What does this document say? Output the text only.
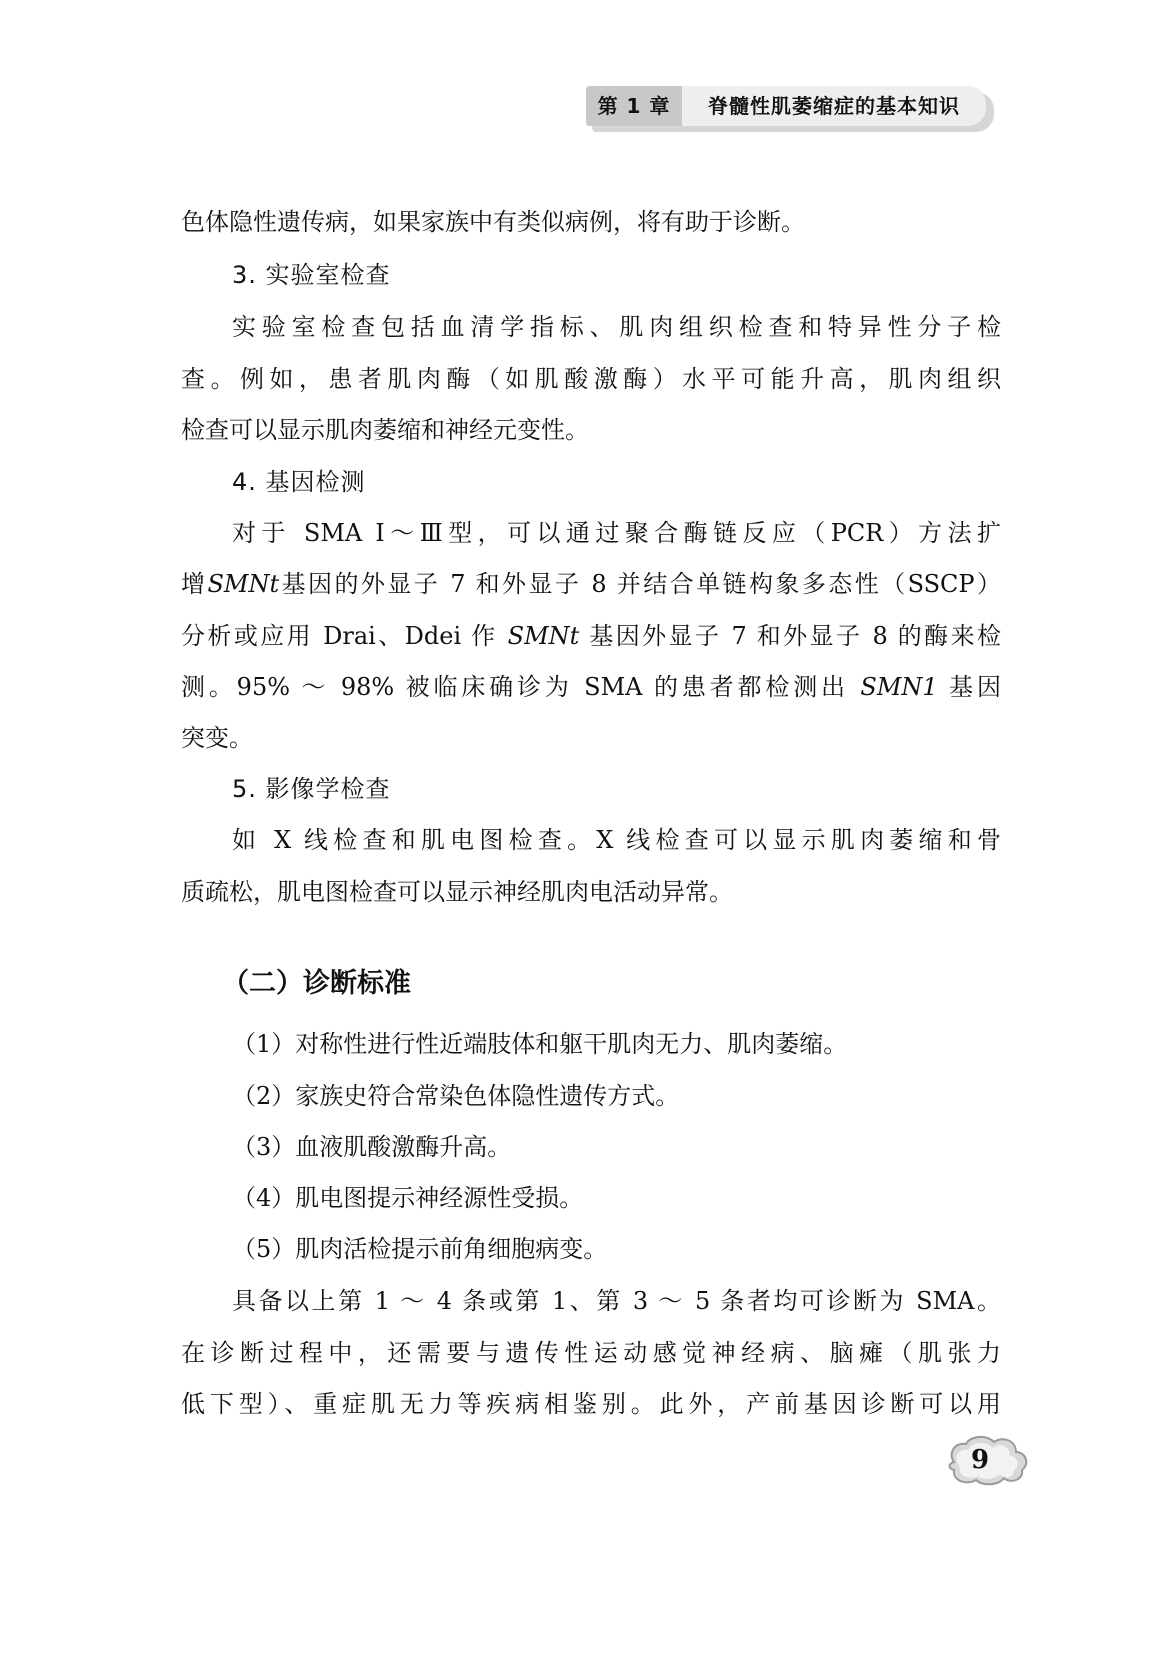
第 1 章	脊髓性肌萎缩症的基本知识
色体隐性遗传病，如果家族中有类似病例，将有助于诊断。
3. 实验室检查
实验室检查包括血清学指标、肌肉组织检查和特异性分子检
查。例如，患者肌肉酶（如肌酸激酶）水平可能升高，肌肉组织
检查可以显示肌肉萎缩和神经元变性。
4. 基因检测
对于 SMA Ⅰ～Ⅲ型，可以通过聚合酶链反应（PCR）方法扩
增SMNt基因的外显子 7 和外显子 8 并结合单链构象多态性（SSCP）
分析或应用 Drai、Ddei 作 SMNt 基因外显子 7 和外显子 8 的酶来检
测。95% ～ 98% 被临床确诊为 SMA 的患者都检测出 SMN1 基因
突变。
5. 影像学检查
如 X 线检查和肌电图检查。X 线检查可以显示肌肉萎缩和骨
质疏松，肌电图检查可以显示神经肌肉电活动异常。
（二）诊断标准
（1）对称性进行性近端肢体和躯干肌肉无力、肌肉萎缩。
（2）家族史符合常染色体隐性遗传方式。
（3）血液肌酸激酶升高。
（4）肌电图提示神经源性受损。
（5）肌肉活检提示前角细胞病变。
具备以上第 1 ～ 4 条或第 1、第 3 ～ 5 条者均可诊断为 SMA。
在诊断过程中，还需要与遗传性运动感觉神经病、脑瘫（肌张力
低下型）、重症肌无力等疾病相鉴别。此外，产前基因诊断可以用
9
